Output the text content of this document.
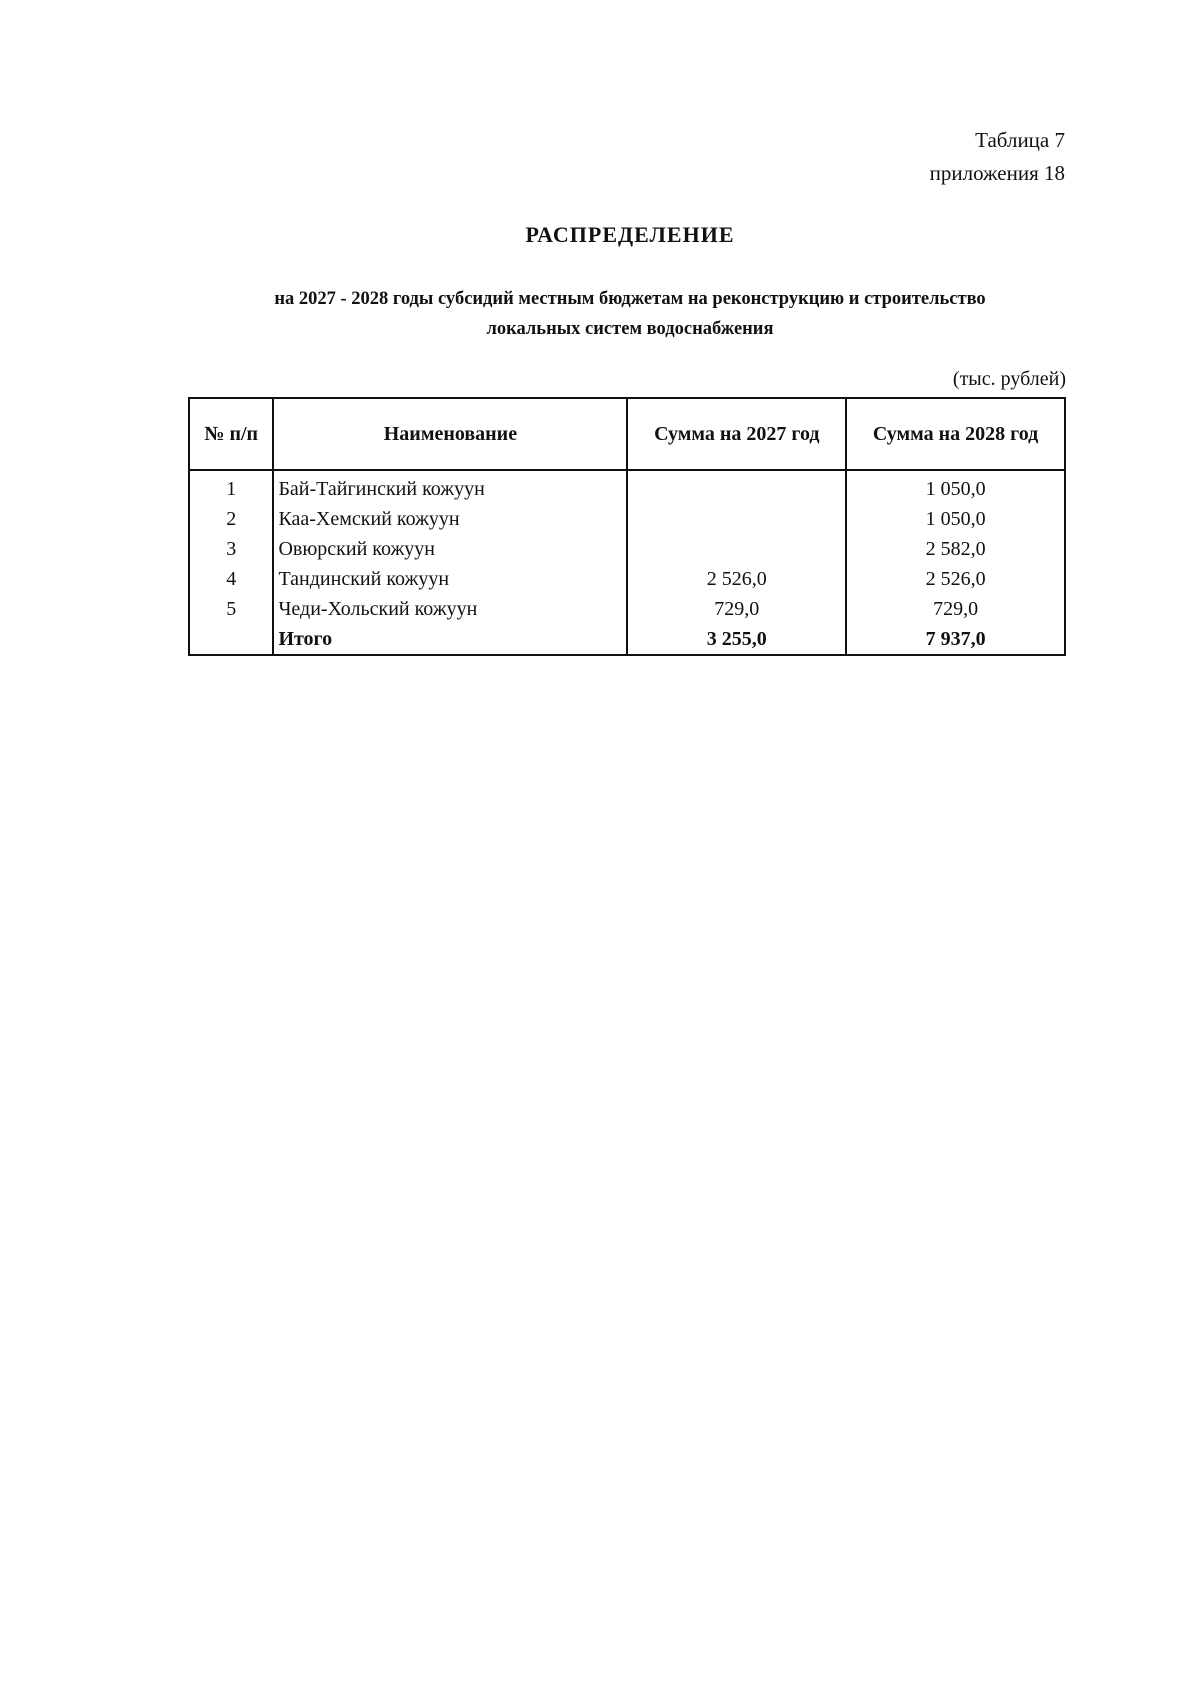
Таблица 7
приложения 18
РАСПРЕДЕЛЕНИЕ
на 2027 - 2028 годы субсидий местным бюджетам на реконструкцию и строительство
локальных систем водоснабжения
(тыс. рублей)
№ п/п	Наименование	Сумма на 2027 год	Сумма на 2028 год
1	Бай-Тайгинский кожуун		1 050,0
2	Каа-Хемский кожуун		1 050,0
3	Овюрский кожуун		2 582,0
4	Тандинский кожуун	2 526,0	2 526,0
5	Чеди-Хольский кожуун	729,0	729,0
	Итого	3 255,0	7 937,0
